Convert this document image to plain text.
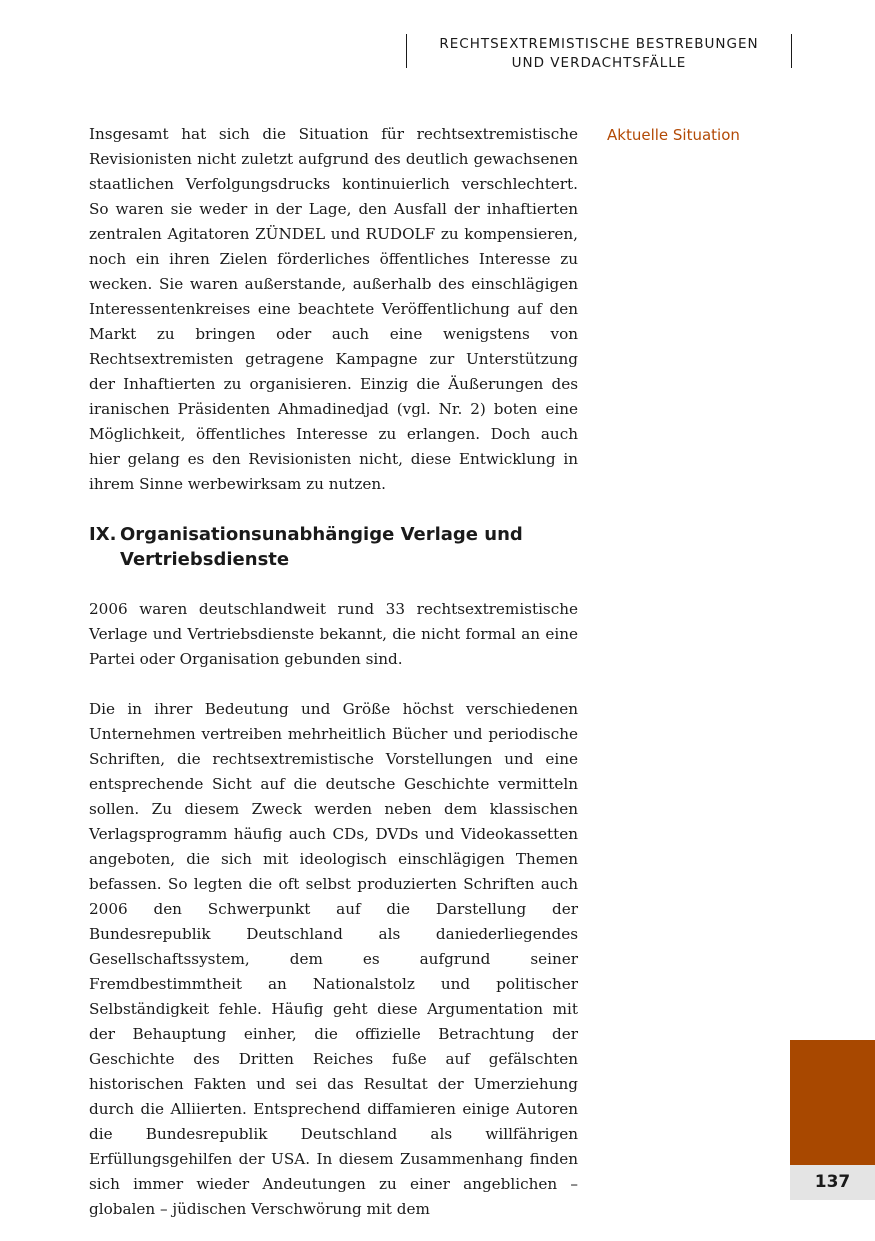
RECHTSEXTREMISTISCHE BESTREBUNGEN
UND VERDACHTSFÄLLE
Aktuelle Situation

Insgesamt hat sich die Situation für rechtsextremistische Revisionisten nicht zuletzt aufgrund des deutlich gewachsenen staatlichen Verfolgungsdrucks kontinuierlich verschlechtert. So waren sie weder in der Lage, den Ausfall der inhaftierten zentralen Agitatoren ZÜNDEL und RUDOLF zu kompensieren, noch ein ihren Zielen förderliches öffentliches Interesse zu wecken. Sie waren außerstande, außerhalb des einschlägigen Interessentenkreises eine beachtete Veröffentlichung auf den Markt zu bringen oder auch eine wenigstens von Rechtsextremisten getragene Kampagne zur Unterstützung der Inhaftierten zu organisieren. Einzig die Äußerungen des iranischen Präsidenten Ahmadinedjad (vgl. Nr. 2) boten eine Möglichkeit, öffentliches Interesse zu erlangen. Doch auch hier gelang es den Revisionisten nicht, diese Entwicklung in ihrem Sinne werbewirksam zu nutzen.

IX. Organisationsunabhängige Verlage und Vertriebsdienste

2006 waren deutschlandweit rund 33 rechtsextremistische Verlage und Vertriebsdienste bekannt, die nicht formal an eine Partei oder Organisation gebunden sind.

Die in ihrer Bedeutung und Größe höchst verschiedenen Unternehmen vertreiben mehrheitlich Bücher und periodische Schriften, die rechtsextremistische Vorstellungen und eine entsprechende Sicht auf die deutsche Geschichte vermitteln sollen. Zu diesem Zweck werden neben dem klassischen Verlagsprogramm häufig auch CDs, DVDs und Videokassetten angeboten, die sich mit ideologisch einschlägigen Themen befassen. So legten die oft selbst produzierten Schriften auch 2006 den Schwerpunkt auf die Darstellung der Bundesrepublik Deutschland als daniederliegendes Gesellschaftssystem, dem es aufgrund seiner Fremdbestimmtheit an Nationalstolz und politischer Selbständigkeit fehle. Häufig geht diese Argumentation mit der Behauptung einher, die offizielle Betrachtung der Geschichte des Dritten Reiches fuße auf gefälschten historischen Fakten und sei das Resultat der Umerziehung durch die Alliierten. Entsprechend diffamieren einige Autoren die Bundesrepublik Deutschland als willfährigen Erfüllungsgehilfen der USA. In diesem Zusammenhang finden sich immer wieder Andeutungen zu einer angeblichen – globalen – jüdischen Verschwörung mit dem

137
